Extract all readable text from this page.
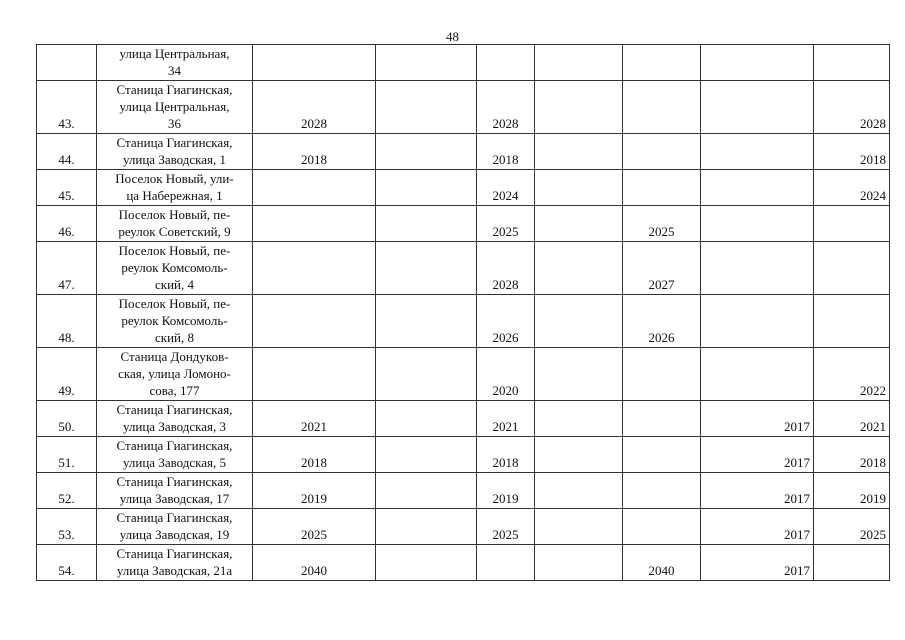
48

	улица Центральная,
34							

43.	Станица Гиагинская,
улица Центральная,
36	2028		2028				2028
44.	Станица Гиагинская,
улица Заводская, 1	2018		2018				2018
45.	Поселок Новый, ули-
ца Набережная, 1			2024				2024
46.	Поселок Новый, пе-
реулок Советский, 9			2025		2025		
47.	Поселок Новый, пе-
реулок Комсомоль-
ский, 4			2028		2027		
48.	Поселок Новый, пе-
реулок Комсомоль-
ский, 8			2026		2026		
49.	Станица Дондуков-
ская, улица Ломоно-
сова, 177			2020				2022
50.	Станица Гиагинская,
улица Заводская, 3	2021		2021			2017	2021
51.	Станица Гиагинская,
улица Заводская, 5	2018		2018			2017	2018
52.	Станица Гиагинская,
улица Заводская, 17	2019		2019			2017	2019
53.	Станица Гиагинская,
улица Заводская, 19	2025		2025			2017	2025
54.	Станица Гиагинская,
улица Заводская, 21а	2040				2040	2017	
